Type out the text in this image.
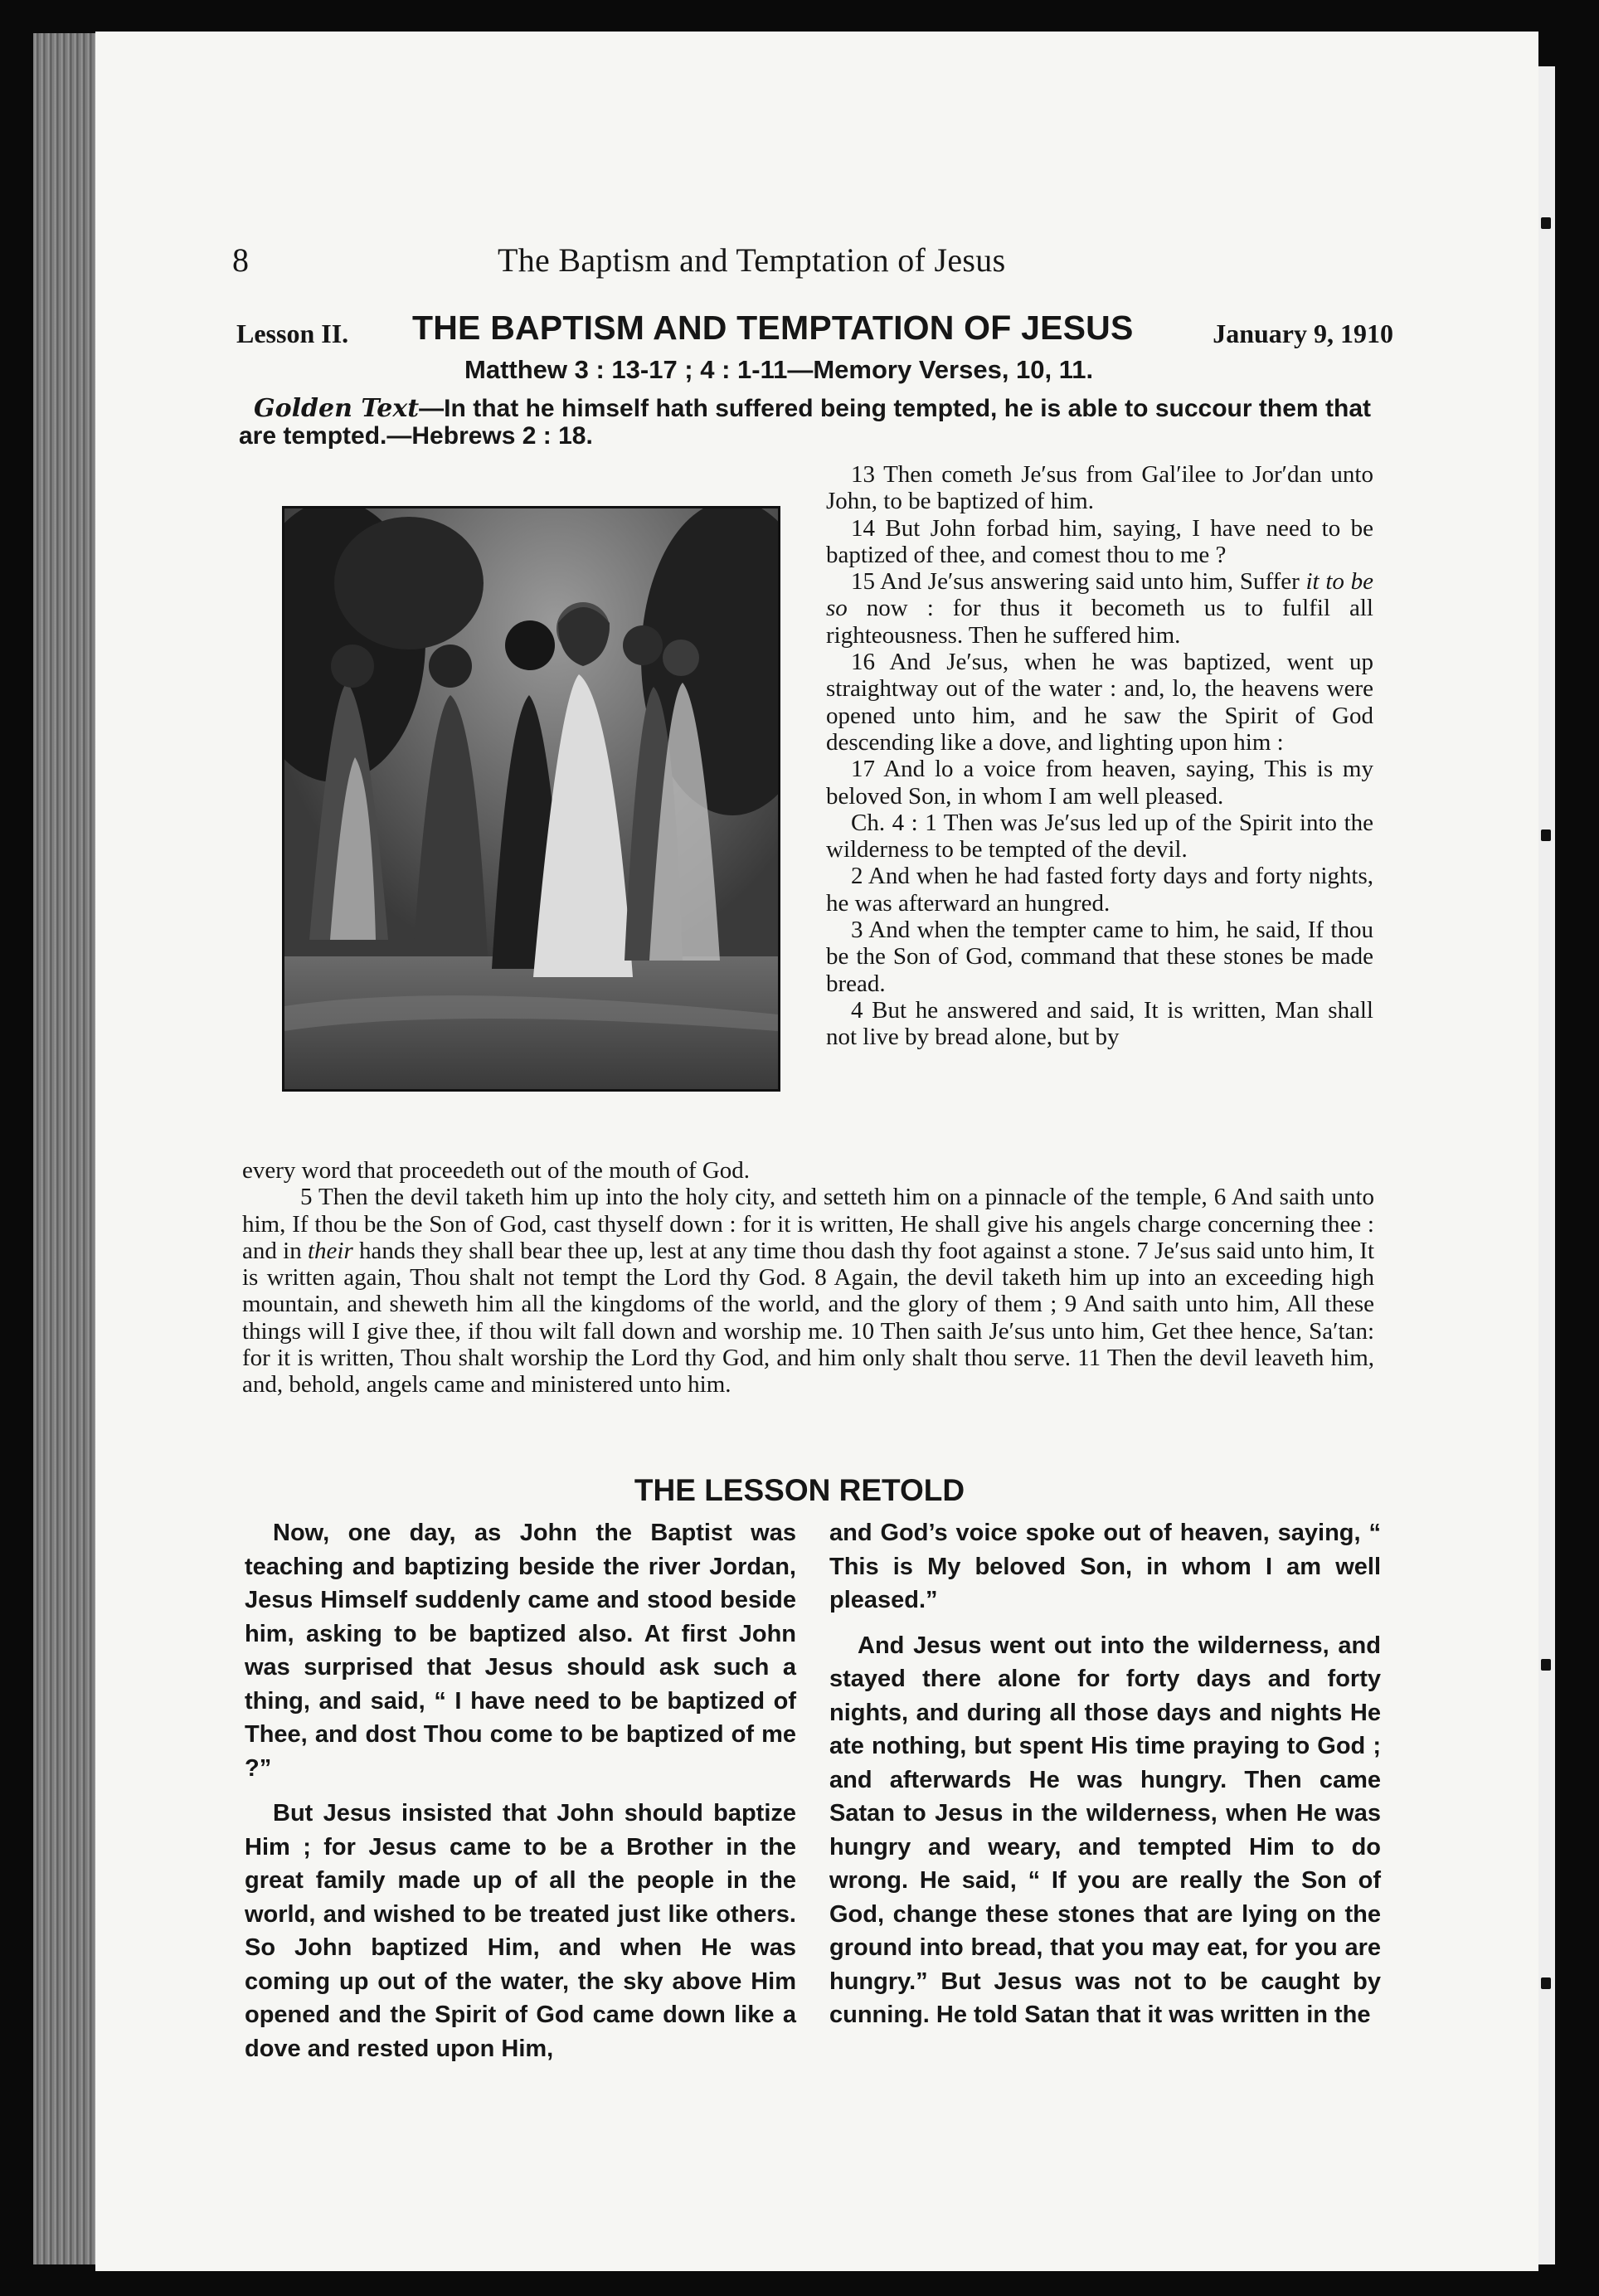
8	The Baptism and Temptation of Jesus
Lesson II. THE BAPTISM AND TEMPTATION OF JESUS	January 9, 1910
Matthew 3 : 13-17 ; 4 : 1-11—Memory Verses, 10, 11.
Golden Text—In that he himself hath suffered being tempted, he is able to succour them that are tempted.—Hebrews 2 : 18.

13 Then cometh Je′sus from Gal′ilee to Jor′dan unto John, to be baptized of him.

14 But John forbad him, saying, I have need to be baptized of thee, and comest thou to me ?

15 And Je′sus answering said unto him, Suffer it to be so now : for thus it becometh us to fulfil all righteousness. Then he suffered him.

16 And Je′sus, when he was baptized, went up straightway out of the water : and, lo, the heavens were opened unto him, and he saw the Spirit of God descending like a dove, and lighting upon him :

17 And lo a voice from heaven, saying, This is my beloved Son, in whom I am well pleased.

Ch. 4 : 1 Then was Je′sus led up of the Spirit into the wilderness to be tempted of the devil.

2 And when he had fasted forty days and forty nights, he was afterward an hungred.

3 And when the tempter came to him, he said, If thou be the Son of God, command that these stones be made bread.

4 But he answered and said, It is written, Man shall not live by bread alone, but by

every word that proceedeth out of the mouth of God.

5 Then the devil taketh him up into the holy city, and setteth him on a pinnacle of the temple, 6 And saith unto him, If thou be the Son of God, cast thyself down : for it is written, He shall give his angels charge concerning thee : and in their hands they shall bear thee up, lest at any time thou dash thy foot against a stone. 7 Je′sus said unto him, It is written again, Thou shalt not tempt the Lord thy God. 8 Again, the devil taketh him up into an exceeding high mountain, and sheweth him all the kingdoms of the world, and the glory of them ; 9 And saith unto him, All these things will I give thee, if thou wilt fall down and worship me. 10 Then saith Je′sus unto him, Get thee hence, Sa′tan: for it is written, Thou shalt worship the Lord thy God, and him only shalt thou serve. 11 Then the devil leaveth him, and, behold, angels came and ministered unto him.

THE LESSON RETOLD

Now, one day, as John the Baptist was teaching and baptizing beside the river Jordan, Jesus Himself suddenly came and stood beside him, asking to be baptized also. At first John was surprised that Jesus should ask such a thing, and said, “ I have need to be baptized of Thee, and dost Thou come to be baptized of me ?”

But Jesus insisted that John should baptize Him ; for Jesus came to be a Brother in the great family made up of all the people in the world, and wished to be treated just like others. So John baptized Him, and when He was coming up out of the water, the sky above Him opened and the Spirit of God came down like a dove and rested upon Him,

and God’s voice spoke out of heaven, saying, “ This is My beloved Son, in whom I am well pleased.”

And Jesus went out into the wilderness, and stayed there alone for forty days and forty nights, and during all those days and nights He ate nothing, but spent His time praying to God ; and afterwards He was hungry. Then came Satan to Jesus in the wilderness, when He was hungry and weary, and tempted Him to do wrong. He said, “ If you are really the Son of God, change these stones that are lying on the ground into bread, that you may eat, for you are hungry.” But Jesus was not to be caught by cunning. He told Satan that it was written in the
